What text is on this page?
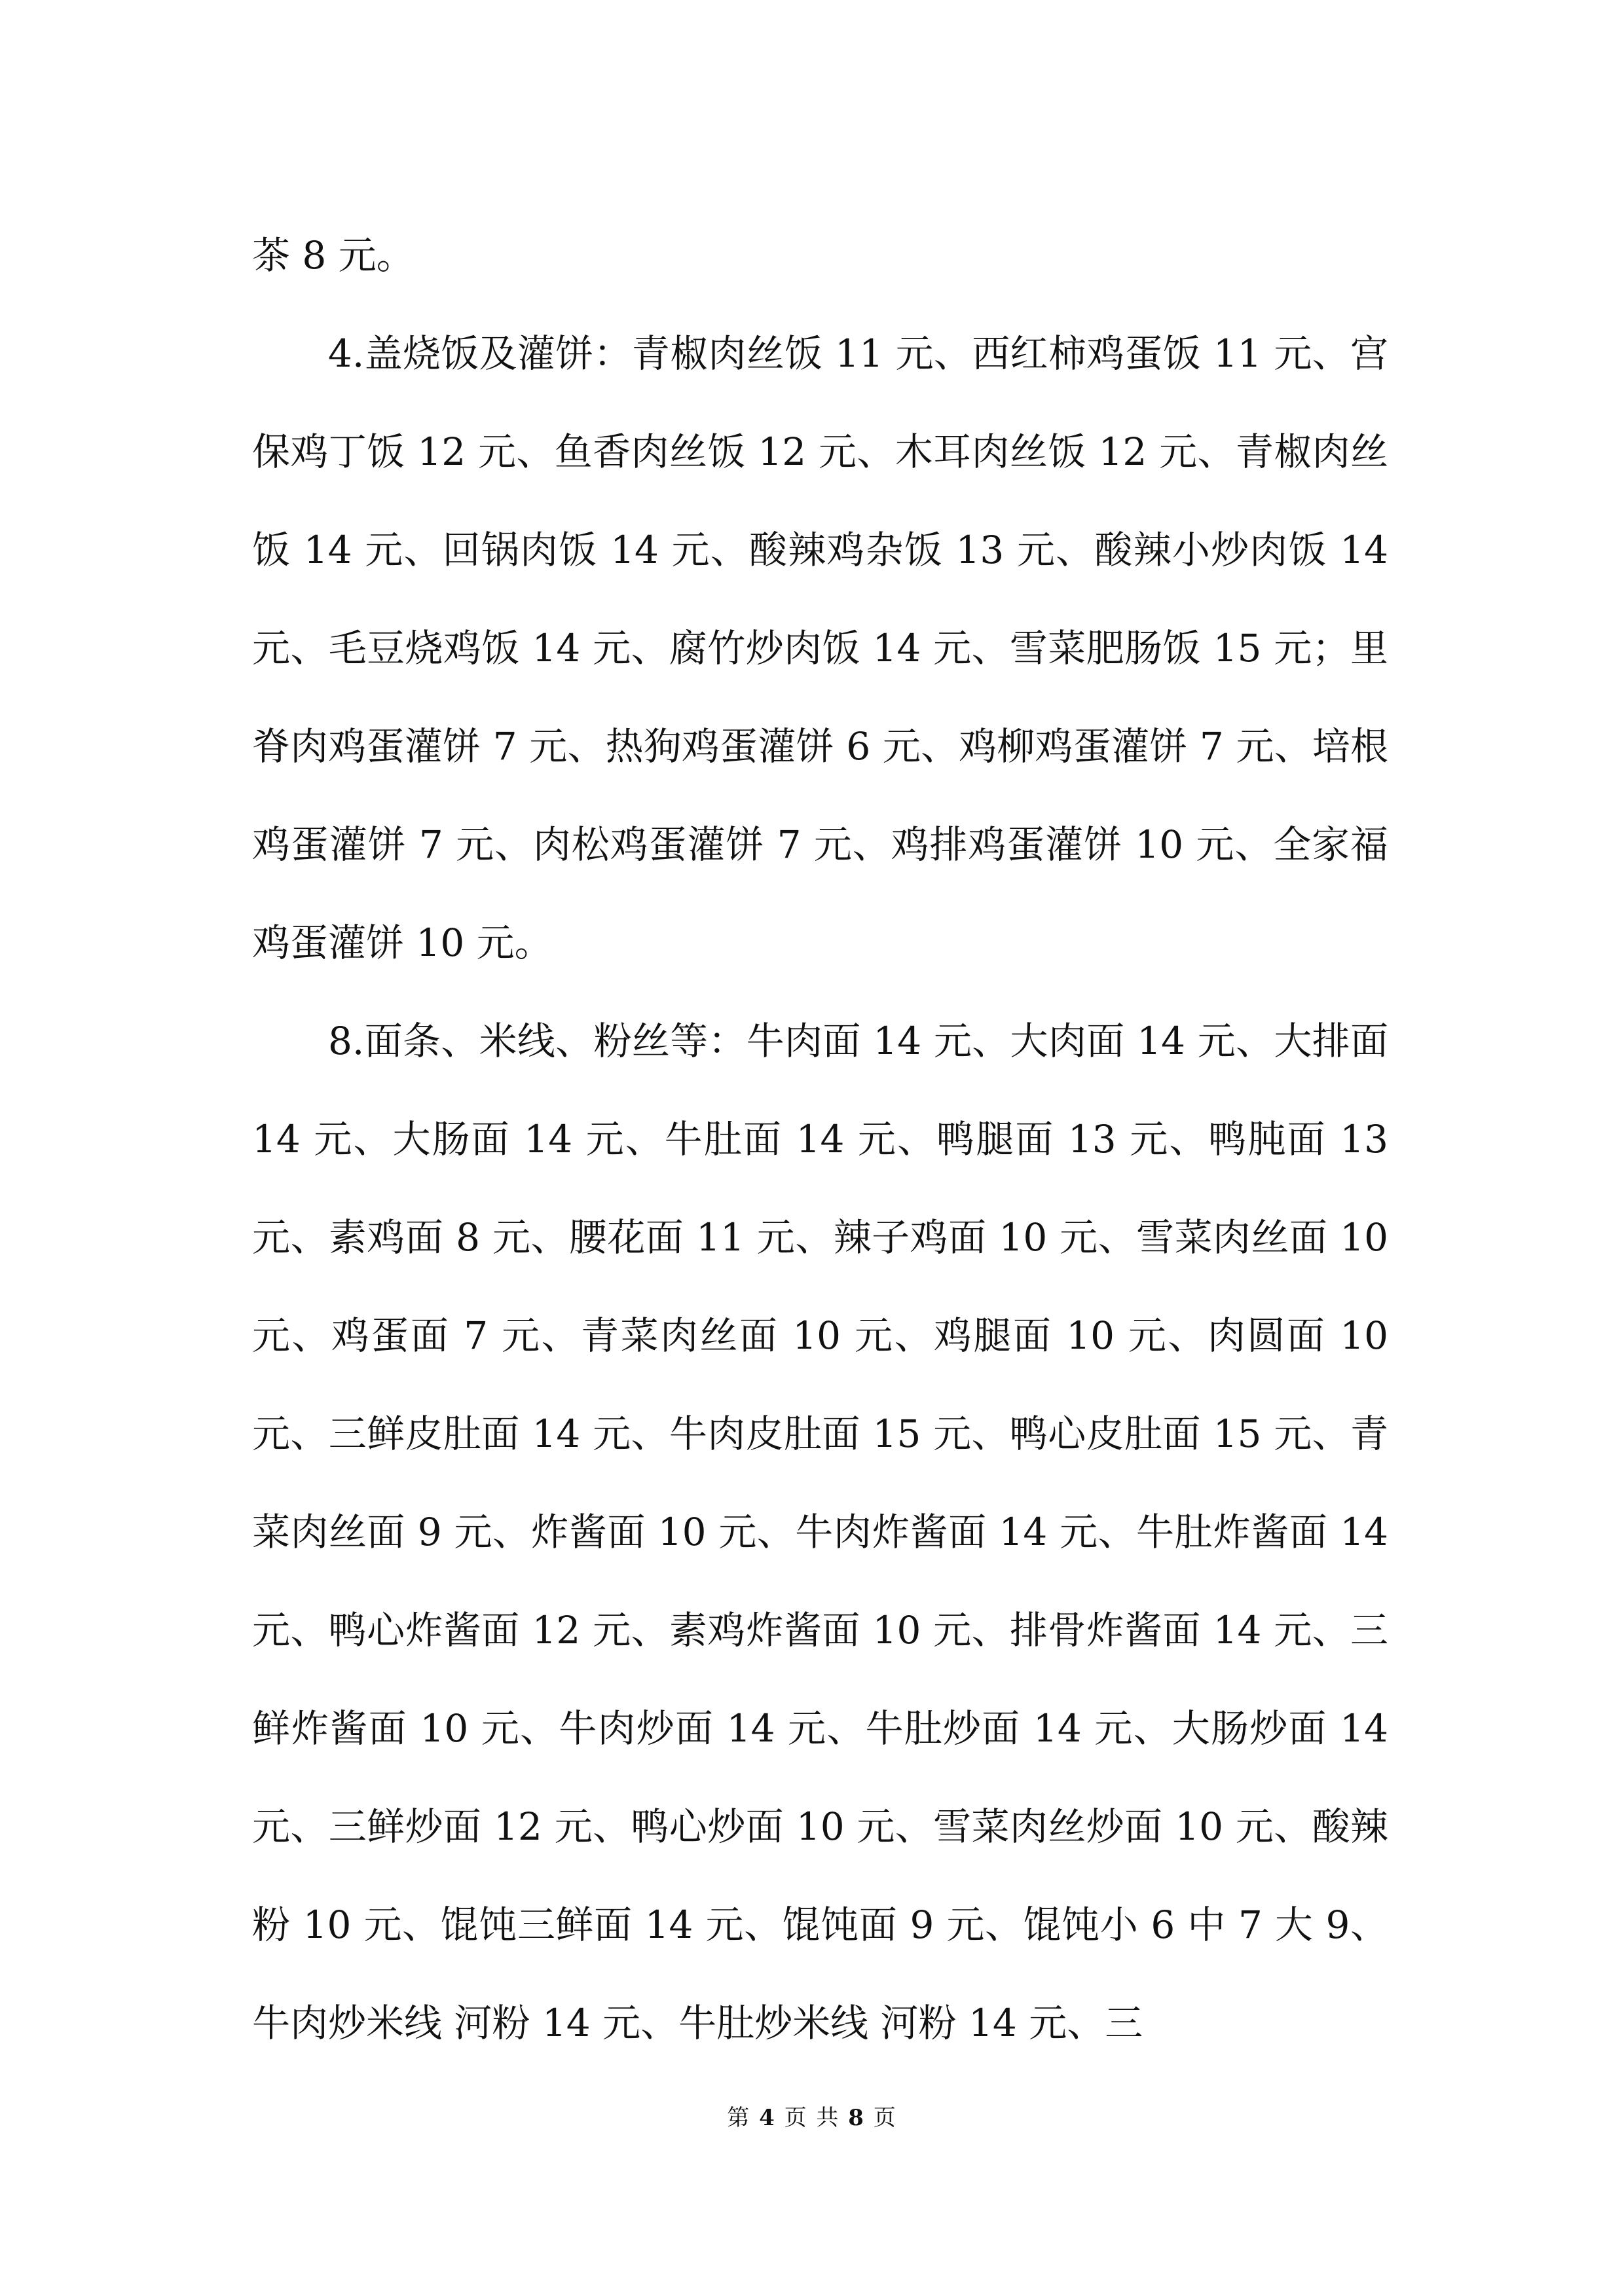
茶 8 元。

4.盖烧饭及灌饼：青椒肉丝饭 11 元、西红柿鸡蛋饭 11 元、宫保鸡丁饭 12 元、鱼香肉丝饭 12 元、木耳肉丝饭 12 元、青椒肉丝饭 14 元、回锅肉饭 14 元、酸辣鸡杂饭 13 元、酸辣小炒肉饭 14 元、毛豆烧鸡饭 14 元、腐竹炒肉饭 14 元、雪菜肥肠饭 15 元；里脊肉鸡蛋灌饼 7 元、热狗鸡蛋灌饼 6 元、鸡柳鸡蛋灌饼 7 元、培根鸡蛋灌饼 7 元、肉松鸡蛋灌饼 7 元、鸡排鸡蛋灌饼 10 元、全家福鸡蛋灌饼 10 元。

8.面条、米线、粉丝等：牛肉面 14 元、大肉面 14 元、大排面 14 元、大肠面 14 元、牛肚面 14 元、鸭腿面 13 元、鸭肫面 13 元、素鸡面 8 元、腰花面 11 元、辣子鸡面 10 元、雪菜肉丝面 10 元、鸡蛋面 7 元、青菜肉丝面 10 元、鸡腿面 10 元、肉圆面 10 元、三鲜皮肚面 14 元、牛肉皮肚面 15 元、鸭心皮肚面 15 元、青菜肉丝面 9 元、炸酱面 10 元、牛肉炸酱面 14 元、牛肚炸酱面 14 元、鸭心炸酱面 12 元、素鸡炸酱面 10 元、排骨炸酱面 14 元、三鲜炸酱面 10 元、牛肉炒面 14 元、牛肚炒面 14 元、大肠炒面 14 元、三鲜炒面 12 元、鸭心炒面 10 元、雪菜肉丝炒面 10 元、酸辣粉 10 元、馄饨三鲜面 14 元、馄饨面 9 元、馄饨小 6 中 7 大 9、牛肉炒米线 河粉 14 元、牛肚炒米线 河粉 14 元、三

第 4 页 共 8 页
